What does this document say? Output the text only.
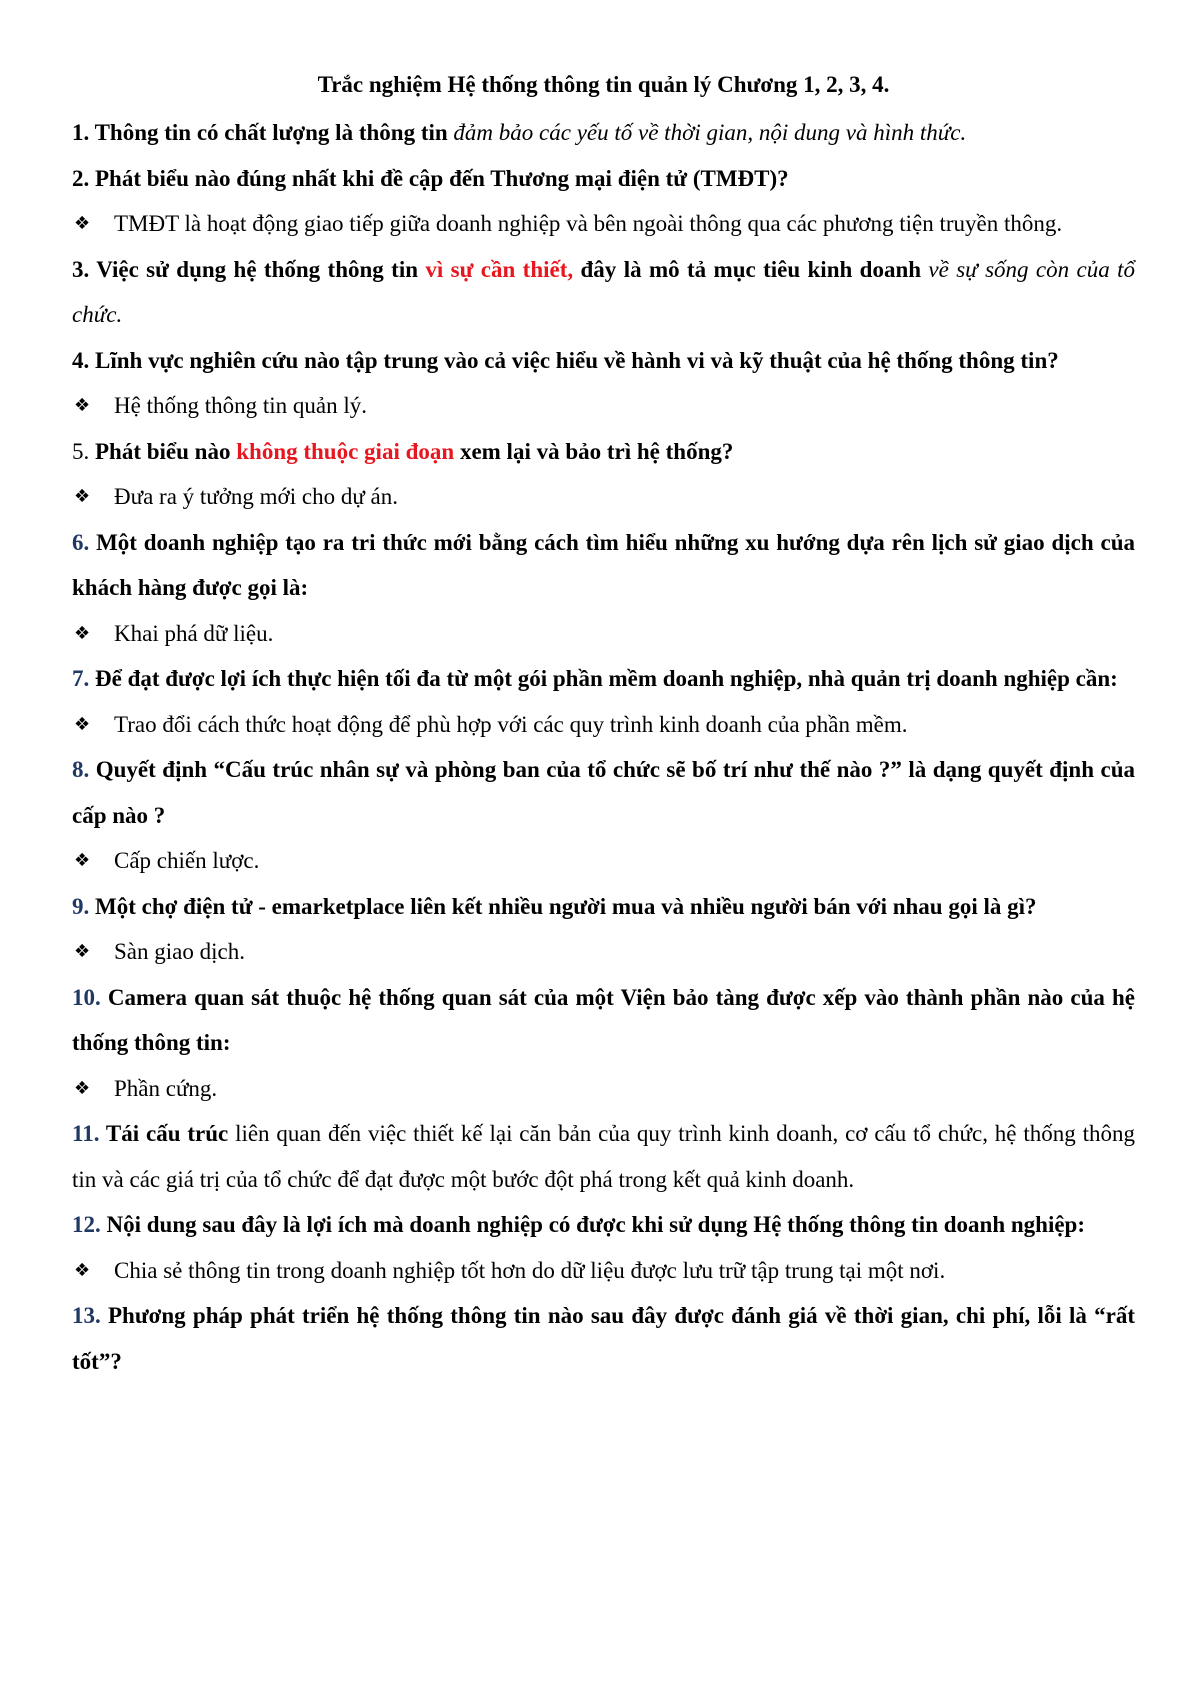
Trắc nghiệm Hệ thống thông tin quản lý Chương 1, 2, 3, 4.

1. Thông tin có chất lượng là thông tin đảm bảo các yếu tố về thời gian, nội dung và hình thức.

2. Phát biểu nào đúng nhất khi đề cập đến Thương mại điện tử (TMĐT)?

❖ TMĐT là hoạt động giao tiếp giữa doanh nghiệp và bên ngoài thông qua các phương tiện truyền thông.

3. Việc sử dụng hệ thống thông tin vì sự cần thiết, đây là mô tả mục tiêu kinh doanh về sự sống còn của tổ chức.

4. Lĩnh vực nghiên cứu nào tập trung vào cả việc hiểu về hành vi và kỹ thuật của hệ thống thông tin?

❖ Hệ thống thông tin quản lý.

5. Phát biểu nào không thuộc giai đoạn xem lại và bảo trì hệ thống?

❖ Đưa ra ý tưởng mới cho dự án.

6. Một doanh nghiệp tạo ra tri thức mới bằng cách tìm hiểu những xu hướng dựa rên lịch sử giao dịch của khách hàng được gọi là:

❖ Khai phá dữ liệu.

7. Để đạt được lợi ích thực hiện tối đa từ một gói phần mềm doanh nghiệp, nhà quản trị doanh nghiệp cần:

❖ Trao đổi cách thức hoạt động để phù hợp với các quy trình kinh doanh của phần mềm.

8. Quyết định “Cấu trúc nhân sự và phòng ban của tổ chức sẽ bố trí như thế nào ?” là dạng quyết định của cấp nào ?

❖ Cấp chiến lược.

9. Một chợ điện tử - emarketplace liên kết nhiều người mua và nhiều người bán với nhau gọi là gì?

❖ Sàn giao dịch.

10. Camera quan sát thuộc hệ thống quan sát của một Viện bảo tàng được xếp vào thành phần nào của hệ thống thông tin:

❖ Phần cứng.

11. Tái cấu trúc liên quan đến việc thiết kế lại căn bản của quy trình kinh doanh, cơ cấu tổ chức, hệ thống thông tin và các giá trị của tổ chức để đạt được một bước đột phá trong kết quả kinh doanh.

12. Nội dung sau đây là lợi ích mà doanh nghiệp có được khi sử dụng Hệ thống thông tin doanh nghiệp:

❖ Chia sẻ thông tin trong doanh nghiệp tốt hơn do dữ liệu được lưu trữ tập trung tại một nơi.

13. Phương pháp phát triển hệ thống thông tin nào sau đây được đánh giá về thời gian, chi phí, lỗi là “rất tốt”?
